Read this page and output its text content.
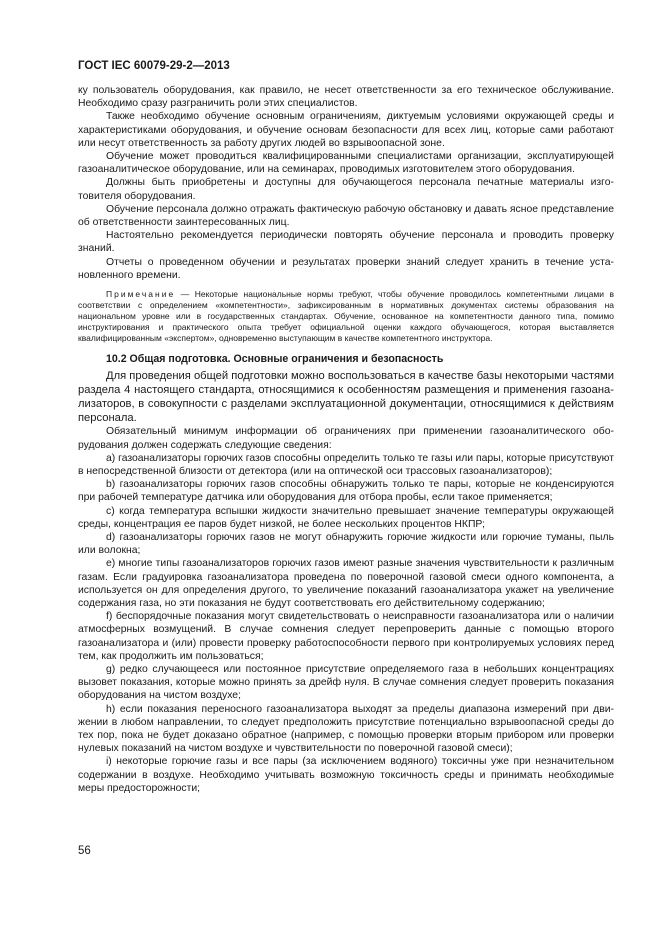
ГОСТ IEC 60079-29-2—2013

ку пользователь оборудования, как правило, не несет ответственности за его техническое обслуживание. Необходимо сразу разграничить роли этих специалистов.

Также необходимо обучение основным ограничениям, диктуемым условиями окружающей среды и характеристиками оборудования, и обучение основам безопасности для всех лиц, которые сами работают или несут ответственность за работу других людей во взрывоопасной зоне.

Обучение может проводиться квалифицированными специалистами организации, эксплуатирующей газоаналитическое оборудование, или на семинарах, проводимых изготовителем этого оборудования.

Должны быть приобретены и доступны для обучающегося персонала печатные материалы изготовителя оборудования.

Обучение персонала должно отражать фактическую рабочую обстановку и давать ясное представление об ответственности заинтересованных лиц.

Настоятельно рекомендуется периодически повторять обучение персонала и проводить проверку знаний.

Отчеты о проведенном обучении и результатах проверки знаний следует хранить в течение установленного времени.

Примечание — Некоторые национальные нормы требуют, чтобы обучение проводилось компетентными лицами в соответствии с определением «компетентности», зафиксированным в нормативных документах системы образования на национальном уровне или в государственных стандартах. Обучение, основанное на компетентности данного типа, помимо инструктирования и практического опыта требует официальной оценки каждого обучающегося, которая выставляется квалифицированным «экспертом», одновременно выступающим в качестве компетентного инструктора.

10.2 Общая подготовка. Основные ограничения и безопасность

Для проведения общей подготовки можно воспользоваться в качестве базы некоторыми частями раздела 4 настоящего стандарта, относящимися к особенностям размещения и применения газоанализаторов, в совокупности с разделами эксплуатационной документации, относящимися к действиям персонала.

Обязательный минимум информации об ограничениях при применении газоаналитического оборудования должен содержать следующие сведения:

a) газоанализаторы горючих газов способны определить только те газы или пары, которые присутствуют в непосредственной близости от детектора (или на оптической оси трассовых газоанализаторов);

b) газоанализаторы горючих газов способны обнаружить только те пары, которые не конденсируются при рабочей температуре датчика или оборудования для отбора пробы, если такое применяется;

c) когда температура вспышки жидкости значительно превышает значение температуры окружающей среды, концентрация ее паров будет низкой, не более нескольких процентов НКПР;

d) газоанализаторы горючих газов не могут обнаружить горючие жидкости или горючие туманы, пыль или волокна;

e) многие типы газоанализаторов горючих газов имеют разные значения чувствительности к различным газам. Если градуировка газоанализатора проведена по поверочной газовой смеси одного компонента, а используется он для определения другого, то увеличение показаний газоанализатора укажет на увеличение содержания газа, но эти показания не будут соответствовать его действительному содержанию;

f) беспорядочные показания могут свидетельствовать о неисправности газоанализатора или о наличии атмосферных возмущений. В случае сомнения следует перепроверить данные с помощью второго газоанализатора и (или) провести проверку работоспособности первого при контролируемых условиях перед тем, как продолжить им пользоваться;

g) редко случающееся или постоянное присутствие определяемого газа в небольших концентрациях вызовет показания, которые можно принять за дрейф нуля. В случае сомнения следует проверить показания оборудования на чистом воздухе;

h) если показания переносного газоанализатора выходят за пределы диапазона измерений при движении в любом направлении, то следует предположить присутствие потенциально взрывоопасной среды до тех пор, пока не будет доказано обратное (например, с помощью проверки вторым прибором или проверки нулевых показаний на чистом воздухе и чувствительности по поверочной газовой смеси);

i) некоторые горючие газы и все пары (за исключением водяного) токсичны уже при незначительном содержании в воздухе. Необходимо учитывать возможную токсичность среды и принимать необходимые меры предосторожности;

56
